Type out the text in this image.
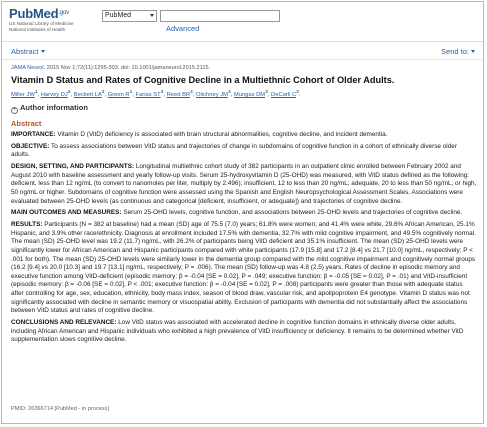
PubMed$^{.gov}$
US National Library of Medicine
National Institutes of Health
PubMed
Advanced
Abstract	Send to:
JAMA Neurol. 2015 Nov 1;72(11):1295-303. doi: 10.1001/jamaneurol.2015.2115.
Vitamin D Status and Rates of Cognitive Decline in a Multiethnic Cohort of Older Adults.
Miller $JW^1$, Harvey $DJ^2$, Beckett $LA^2$, Green $R^1$, Farias $ST^3$, Reed $BR^4$, Olichney $JM^3$, Mungas $DM^3$, DeCarli $C^3$.
+ Author information
Abstract

IMPORTANCE: Vitamin D (VitD) deficiency is associated with brain structural abnormalities, cognitive decline, and incident dementia.

OBJECTIVE: To assess associations between VitD status and trajectories of change in subdomains of cognitive function in a cohort of ethnically diverse older adults.

DESIGN, SETTING, AND PARTICIPANTS: Longitudinal multiethnic cohort study of 382 participants in an outpatient clinic enrolled between February 2002 and August 2010 with baseline assessment and yearly follow-up visits. Serum 25-hydroxyvitamin D (25-OHD) was measured, with VitD status defined as the following: deficient, less than 12 ng/mL (to convert to nanomoles per liter, multiply by 2.496); insufficient, 12 to less than 20 ng/mL; adequate, 20 to less than 50 ng/mL; or high, 50 ng/mL or higher. Subdomains of cognitive function were assessed using the Spanish and English Neuropsychological Assessment Scales. Associations were evaluated between 25-OHD levels (as continuous and categorical [deficient, insufficient, or adequate]) and trajectories of cognitive decline.

MAIN OUTCOMES AND MEASURES: Serum 25-OHD levels, cognitive function, and associations between 25-OHD levels and trajectories of cognitive decline.

RESULTS: Participants (N = 382 at baseline) had a mean (SD) age of 75.5 (7.0) years; 61.8% were women; and 41.4% were white, 29.6% African American, 25.1% Hispanic, and 3.9% other race/ethnicity. Diagnosis at enrollment included 17.5% with dementia, 32.7% with mild cognitive impairment, and 49.5% cognitively normal. The mean (SD) 25-OHD level was 19.2 (11.7) ng/mL, with 26.2% of participants being VitD deficient and 35.1% insufficient. The mean (SD) 25-OHD levels were significantly lower for African American and Hispanic participants compared with white participants (17.9 [15.8] and 17.2 [8.4] vs 21.7 [10.0] ng/mL, respectively; P < .001 for both). The mean (SD) 25-OHD levels were similarly lower in the dementia group compared with the mild cognitive impairment and cognitively normal groups (16.2 [9.4] vs 20.0 [10.3] and 19.7 [13.1] ng/mL, respectively; P = .006). The mean (SD) follow-up was 4.8 (2.5) years. Rates of decline in episodic memory and executive function among VitD-deficient (episodic memory: β = -0.04 [SE = 0.02], P = .049; executive function: β = -0.05 [SE = 0.02], P = .01) and VitD-insufficient (episodic memory: β = -0.06 [SE = 0.02], P < .001; executive function: β = -0.04 [SE = 0.02], P = .008) participants were greater than those with adequate status after controlling for age, sex, education, ethnicity, body mass index, season of blood draw, vascular risk, and apolipoprotein E4 genotype. Vitamin D status was not significantly associated with decline in semantic memory or visuospatial ability. Exclusion of participants with dementia did not substantially affect the associations between VitD status and rates of cognitive decline.

CONCLUSIONS AND RELEVANCE: Low VitD status was associated with accelerated decline in cognitive function domains in ethnically diverse older adults, including African American and Hispanic individuals who exhibited a high prevalence of VitD insufficiency or deficiency. It remains to be determined whether VitD supplementation slows cognitive decline.

PMID: 26366714 [PubMed - in process]
